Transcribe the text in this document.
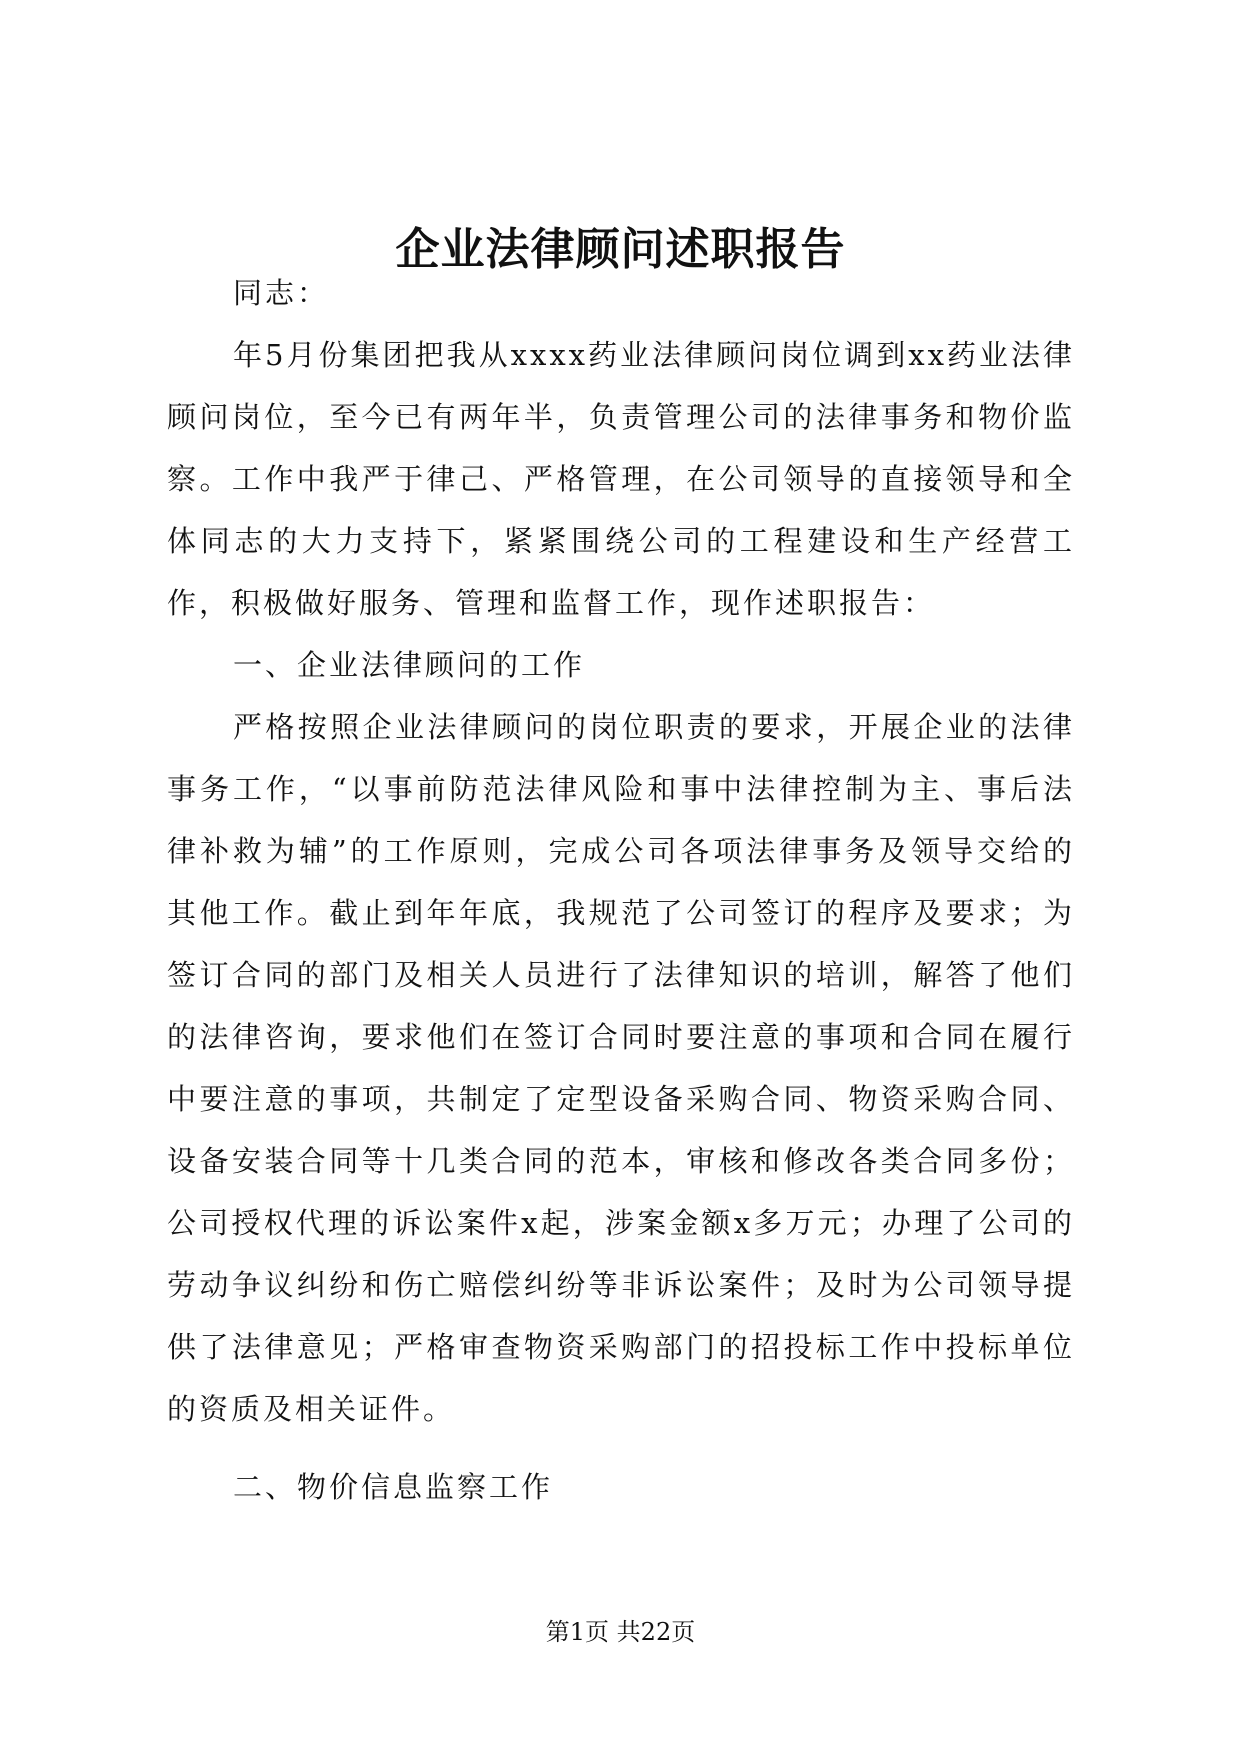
企业法律顾问述职报告

同志：

年5月份集团把我从xxxx药业法律顾问岗位调到xx药业法律顾问岗位，至今已有两年半，负责管理公司的法律事务和物价监察。工作中我严于律己、严格管理，在公司领导的直接领导和全体同志的大力支持下，紧紧围绕公司的工程建设和生产经营工作，积极做好服务、管理和监督工作，现作述职报告：

一、企业法律顾问的工作

严格按照企业法律顾问的岗位职责的要求，开展企业的法律事务工作，“以事前防范法律风险和事中法律控制为主、事后法律补救为辅”的工作原则，完成公司各项法律事务及领导交给的其他工作。截止到年年底，我规范了公司签订的程序及要求；为签订合同的部门及相关人员进行了法律知识的培训，解答了他们的法律咨询，要求他们在签订合同时要注意的事项和合同在履行中要注意的事项，共制定了定型设备采购合同、物资采购合同、设备安装合同等十几类合同的范本，审核和修改各类合同多份；公司授权代理的诉讼案件x起，涉案金额x多万元；办理了公司的劳动争议纠纷和伤亡赔偿纠纷等非诉讼案件；及时为公司领导提供了法律意见；严格审查物资采购部门的招投标工作中投标单位的资质及相关证件。

二、物价信息监察工作

第1页 共22页
